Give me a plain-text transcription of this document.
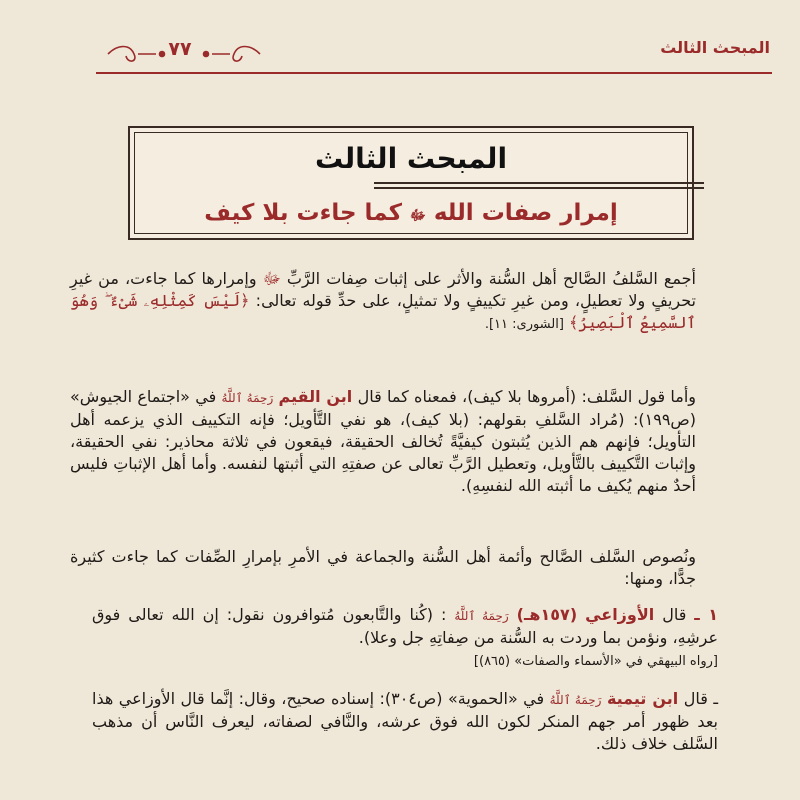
المبحث الثالث
٧٧
المبحث الثالث
إمرار صفات الله ﷻ كما جاءت بلا كيف

أجمع السَّلفُ الصَّالح أهل السُّنة والأثر على إثبات صِفات الرَّبِّ ﷻ وإمرارها كما جاءت، من غيرِ تحريفٍ ولا تعطيلٍ، ومن غيرِ تكييفٍ ولا تمثيلٍ، على حدِّ قوله تعالى: ﴿لَيْسَ كَمِثْلِهِۦ شَىْءٌ ۖ وَهُوَ ٱلسَّمِيعُ ٱلْبَصِيرُ﴾ [الشورى: ١١].

وأما قول السَّلف: (أمروها بلا كيف)، فمعناه كما قال ابن القيم رَحِمَهُ ٱللَّهُ في «اجتماع الجيوش» (ص١٩٩): (مُراد السَّلفِ بقولهم: (بلا كيف)، هو نفي التَّأويل؛ فإنه التكييف الذي يزعمه أهل التأويل؛ فإنهم هم الذين يُثبتون كيفيَّةً تُخالف الحقيقة، فيقعون في ثلاثة محاذير: نفي الحقيقة، وإثبات التَّكييف بالتَّأويل، وتعطيل الرَّبِّ تعالى عن صفتِهِ التي أثبتها لنفسه. وأما أهل الإثباتِ فليس أحدٌ منهم يُكيف ما أثبته الله لنفسِهِ).

ونُصوص السَّلف الصَّالح وأئمة أهل السُّنة والجماعة في الأمرِ بإمرارِ الصِّفات كما جاءت كثيرة جدًّا، ومنها:

١ ـ قال الأوزاعي (١٥٧هـ) رَحِمَهُ ٱللَّهُ : (كُنا والتَّابعون مُتوافرون نقول: إن الله تعالى فوق عرشِهِ، ونؤمن بما وردت به السُّنة من صِفاتِهِ جل وعلا).
[رواه البيهقي في «الأسماء والصفات» (٨٦٥)]

ـ قال ابن تيمية رَحِمَهُ ٱللَّهُ في «الحموية» (ص٣٠٤): إسناده صحيح، وقال: إنَّما قال الأوزاعي هذا بعد ظهور أمر جهم المنكر لكون الله فوق عرشه، والنَّافي لصفاته، ليعرف النَّاس أن مذهب السَّلف خلاف ذلك.
